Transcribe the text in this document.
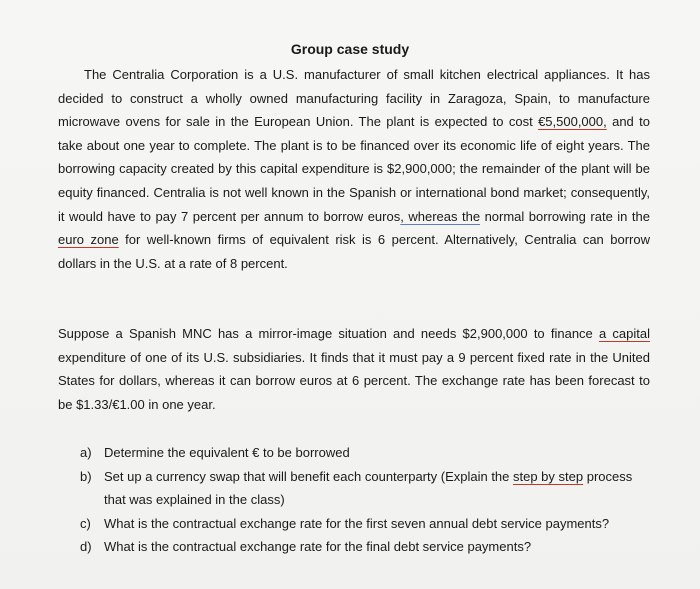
Group case study

The Centralia Corporation is a U.S. manufacturer of small kitchen electrical appliances. It has decided to construct a wholly owned manufacturing facility in Zaragoza, Spain, to manufacture microwave ovens for sale in the European Union. The plant is expected to cost €5,500,000, and to take about one year to complete. The plant is to be financed over its economic life of eight years. The borrowing capacity created by this capital expenditure is $2,900,000; the remainder of the plant will be equity financed. Centralia is not well known in the Spanish or international bond market; consequently, it would have to pay 7 percent per annum to borrow euros, whereas the normal borrowing rate in the euro zone for well-known firms of equivalent risk is 6 percent. Alternatively, Centralia can borrow dollars in the U.S. at a rate of 8 percent.

Suppose a Spanish MNC has a mirror-image situation and needs $2,900,000 to finance a capital expenditure of one of its U.S. subsidiaries. It finds that it must pay a 9 percent fixed rate in the United States for dollars, whereas it can borrow euros at 6 percent. The exchange rate has been forecast to be $1.33/€1.00 in one year.

a) Determine the equivalent € to be borrowed
b) Set up a currency swap that will benefit each counterparty (Explain the step by step process that was explained in the class)
c)	What is the contractual exchange rate for the first seven annual debt service payments?
d) What is the contractual exchange rate for the final debt service payments?
